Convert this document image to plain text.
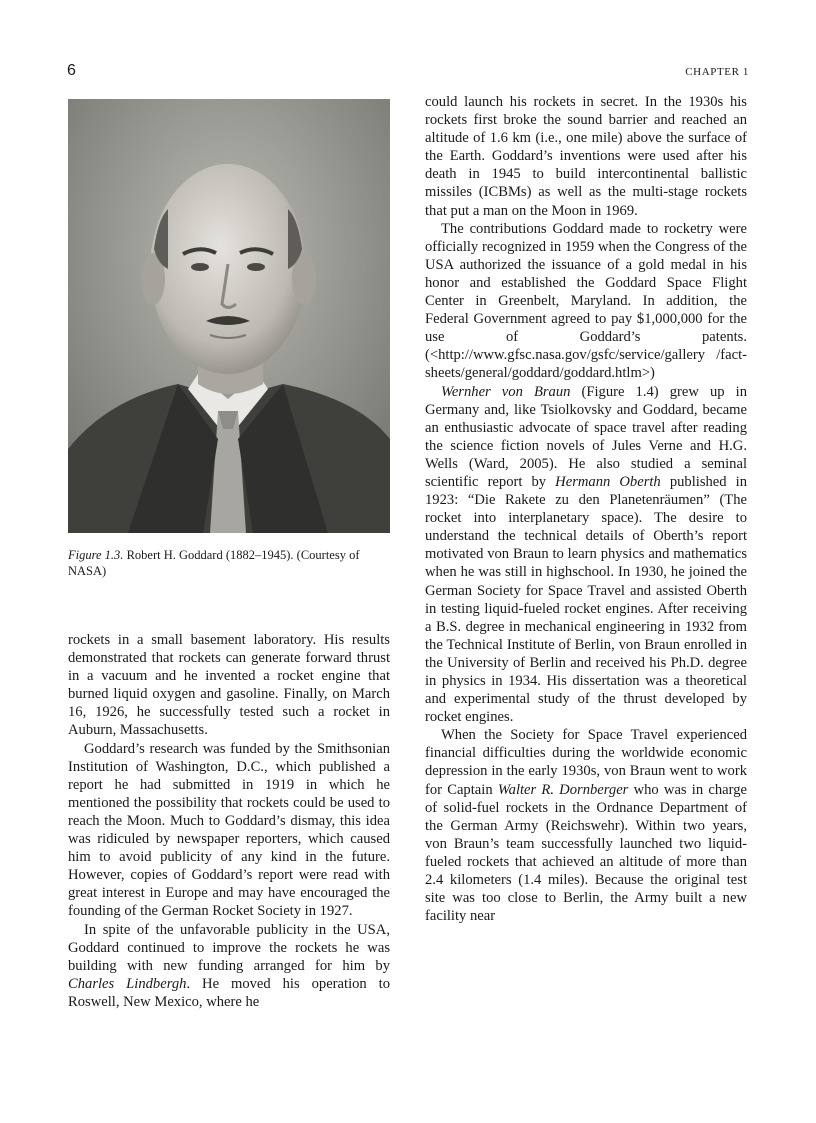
6	CHAPTER 1
Figure 1.3. Robert H. Goddard (1882–1945). (Courtesy of NASA)

rockets in a small basement laboratory. His results demonstrated that rockets can generate forward thrust in a vacuum and he invented a rocket engine that burned liquid oxygen and gasoline. Finally, on March 16, 1926, he successfully tested such a rocket in Auburn, Massachusetts.

Goddard’s research was funded by the Smithsonian Institution of Washington, D.C., which published a report he had submitted in 1919 in which he mentioned the possibility that rockets could be used to reach the Moon. Much to Goddard’s dismay, this idea was ridiculed by newspaper reporters, which caused him to avoid publicity of any kind in the future. However, copies of Goddard’s report were read with great interest in Europe and may have encouraged the founding of the German Rocket Society in 1927.

In spite of the unfavorable publicity in the USA, Goddard continued to improve the rockets he was building with new funding arranged for him by Charles Lindbergh. He moved his operation to Roswell, New Mexico, where he

could launch his rockets in secret. In the 1930s his rockets first broke the sound barrier and reached an altitude of 1.6 km (i.e., one mile) above the surface of the Earth. Goddard’s inventions were used after his death in 1945 to build intercontinental ballistic missiles (ICBMs) as well as the multi-stage rockets that put a man on the Moon in 1969.

The contributions Goddard made to rocketry were officially recognized in 1959 when the Congress of the USA authorized the issuance of a gold medal in his honor and established the Goddard Space Flight Center in Greenbelt, Maryland. In addition, the Federal Government agreed to pay $1,000,000 for the use of Goddard’s patents. (<http://www.gfsc.nasa.gov/gsfc/service/gallery /fact-sheets/general/goddard/goddard.htlm>)

Wernher von Braun (Figure 1.4) grew up in Germany and, like Tsiolkovsky and Goddard, became an enthusiastic advocate of space travel after reading the science fiction novels of Jules Verne and H.G. Wells (Ward, 2005). He also studied a seminal scientific report by Hermann Oberth published in 1923: “Die Rakete zu den Planetenräumen” (The rocket into interplanetary space). The desire to understand the technical details of Oberth’s report motivated von Braun to learn physics and mathematics when he was still in highschool. In 1930, he joined the German Society for Space Travel and assisted Oberth in testing liquid-fueled rocket engines. After receiving a B.S. degree in mechanical engineering in 1932 from the Technical Institute of Berlin, von Braun enrolled in the University of Berlin and received his Ph.D. degree in physics in 1934. His dissertation was a theoretical and experimental study of the thrust developed by rocket engines.

When the Society for Space Travel experienced financial difficulties during the worldwide economic depression in the early 1930s, von Braun went to work for Captain Walter R. Dornberger who was in charge of solid-fuel rockets in the Ordnance Department of the German Army (Reichswehr). Within two years, von Braun’s team successfully launched two liquid-fueled rockets that achieved an altitude of more than 2.4 kilometers (1.4 miles). Because the original test site was too close to Berlin, the Army built a new facility near
